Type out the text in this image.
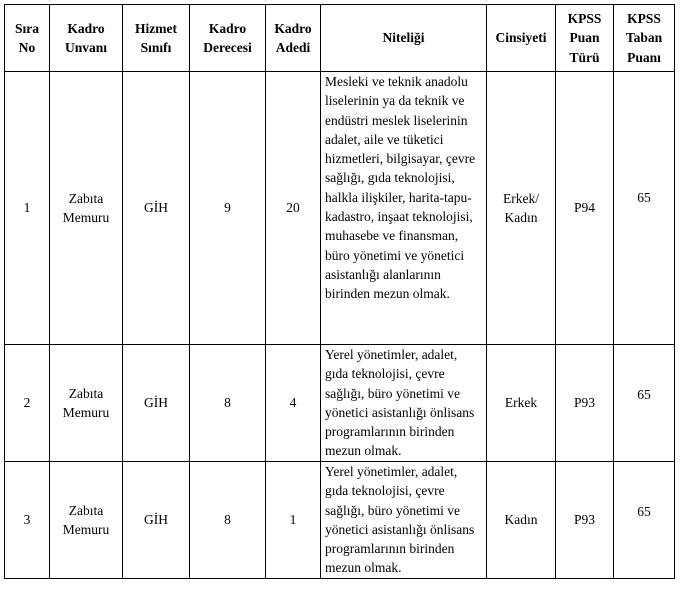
Sıra No	Kadro Unvanı	Hizmet Sınıfı	Kadro Derecesi	Kadro Adedi	Niteliği	Cinsiyeti	KPSS Puan Türü	KPSS Taban Puanı
1	Zabıta Memuru	GİH	9	20	Mesleki ve teknik anadolu liselerinin ya da teknik ve endüstri meslek liselerinin adalet, aile ve tüketici hizmetleri, bilgisayar, çevre sağlığı, gıda teknolojisi, halkla ilişkiler, harita-tapu-kadastro, inşaat teknolojisi, muhasebe ve finansman, büro yönetimi ve yönetici asistanlığı alanlarının birinden mezun olmak.	Erkek/ Kadın	P94	65

2	Zabıta Memuru	GİH	8	4	Yerel yönetimler, adalet, gıda teknolojisi, çevre sağlığı, büro yönetimi ve yönetici asistanlığı önlisans programlarının birinden mezun olmak.	Erkek	P93	65

3	Zabıta Memuru	GİH	8	1	Yerel yönetimler, adalet, gıda teknolojisi, çevre sağlığı, büro yönetimi ve yönetici asistanlığı önlisans programlarının birinden mezun olmak.	Kadın	P93	65
